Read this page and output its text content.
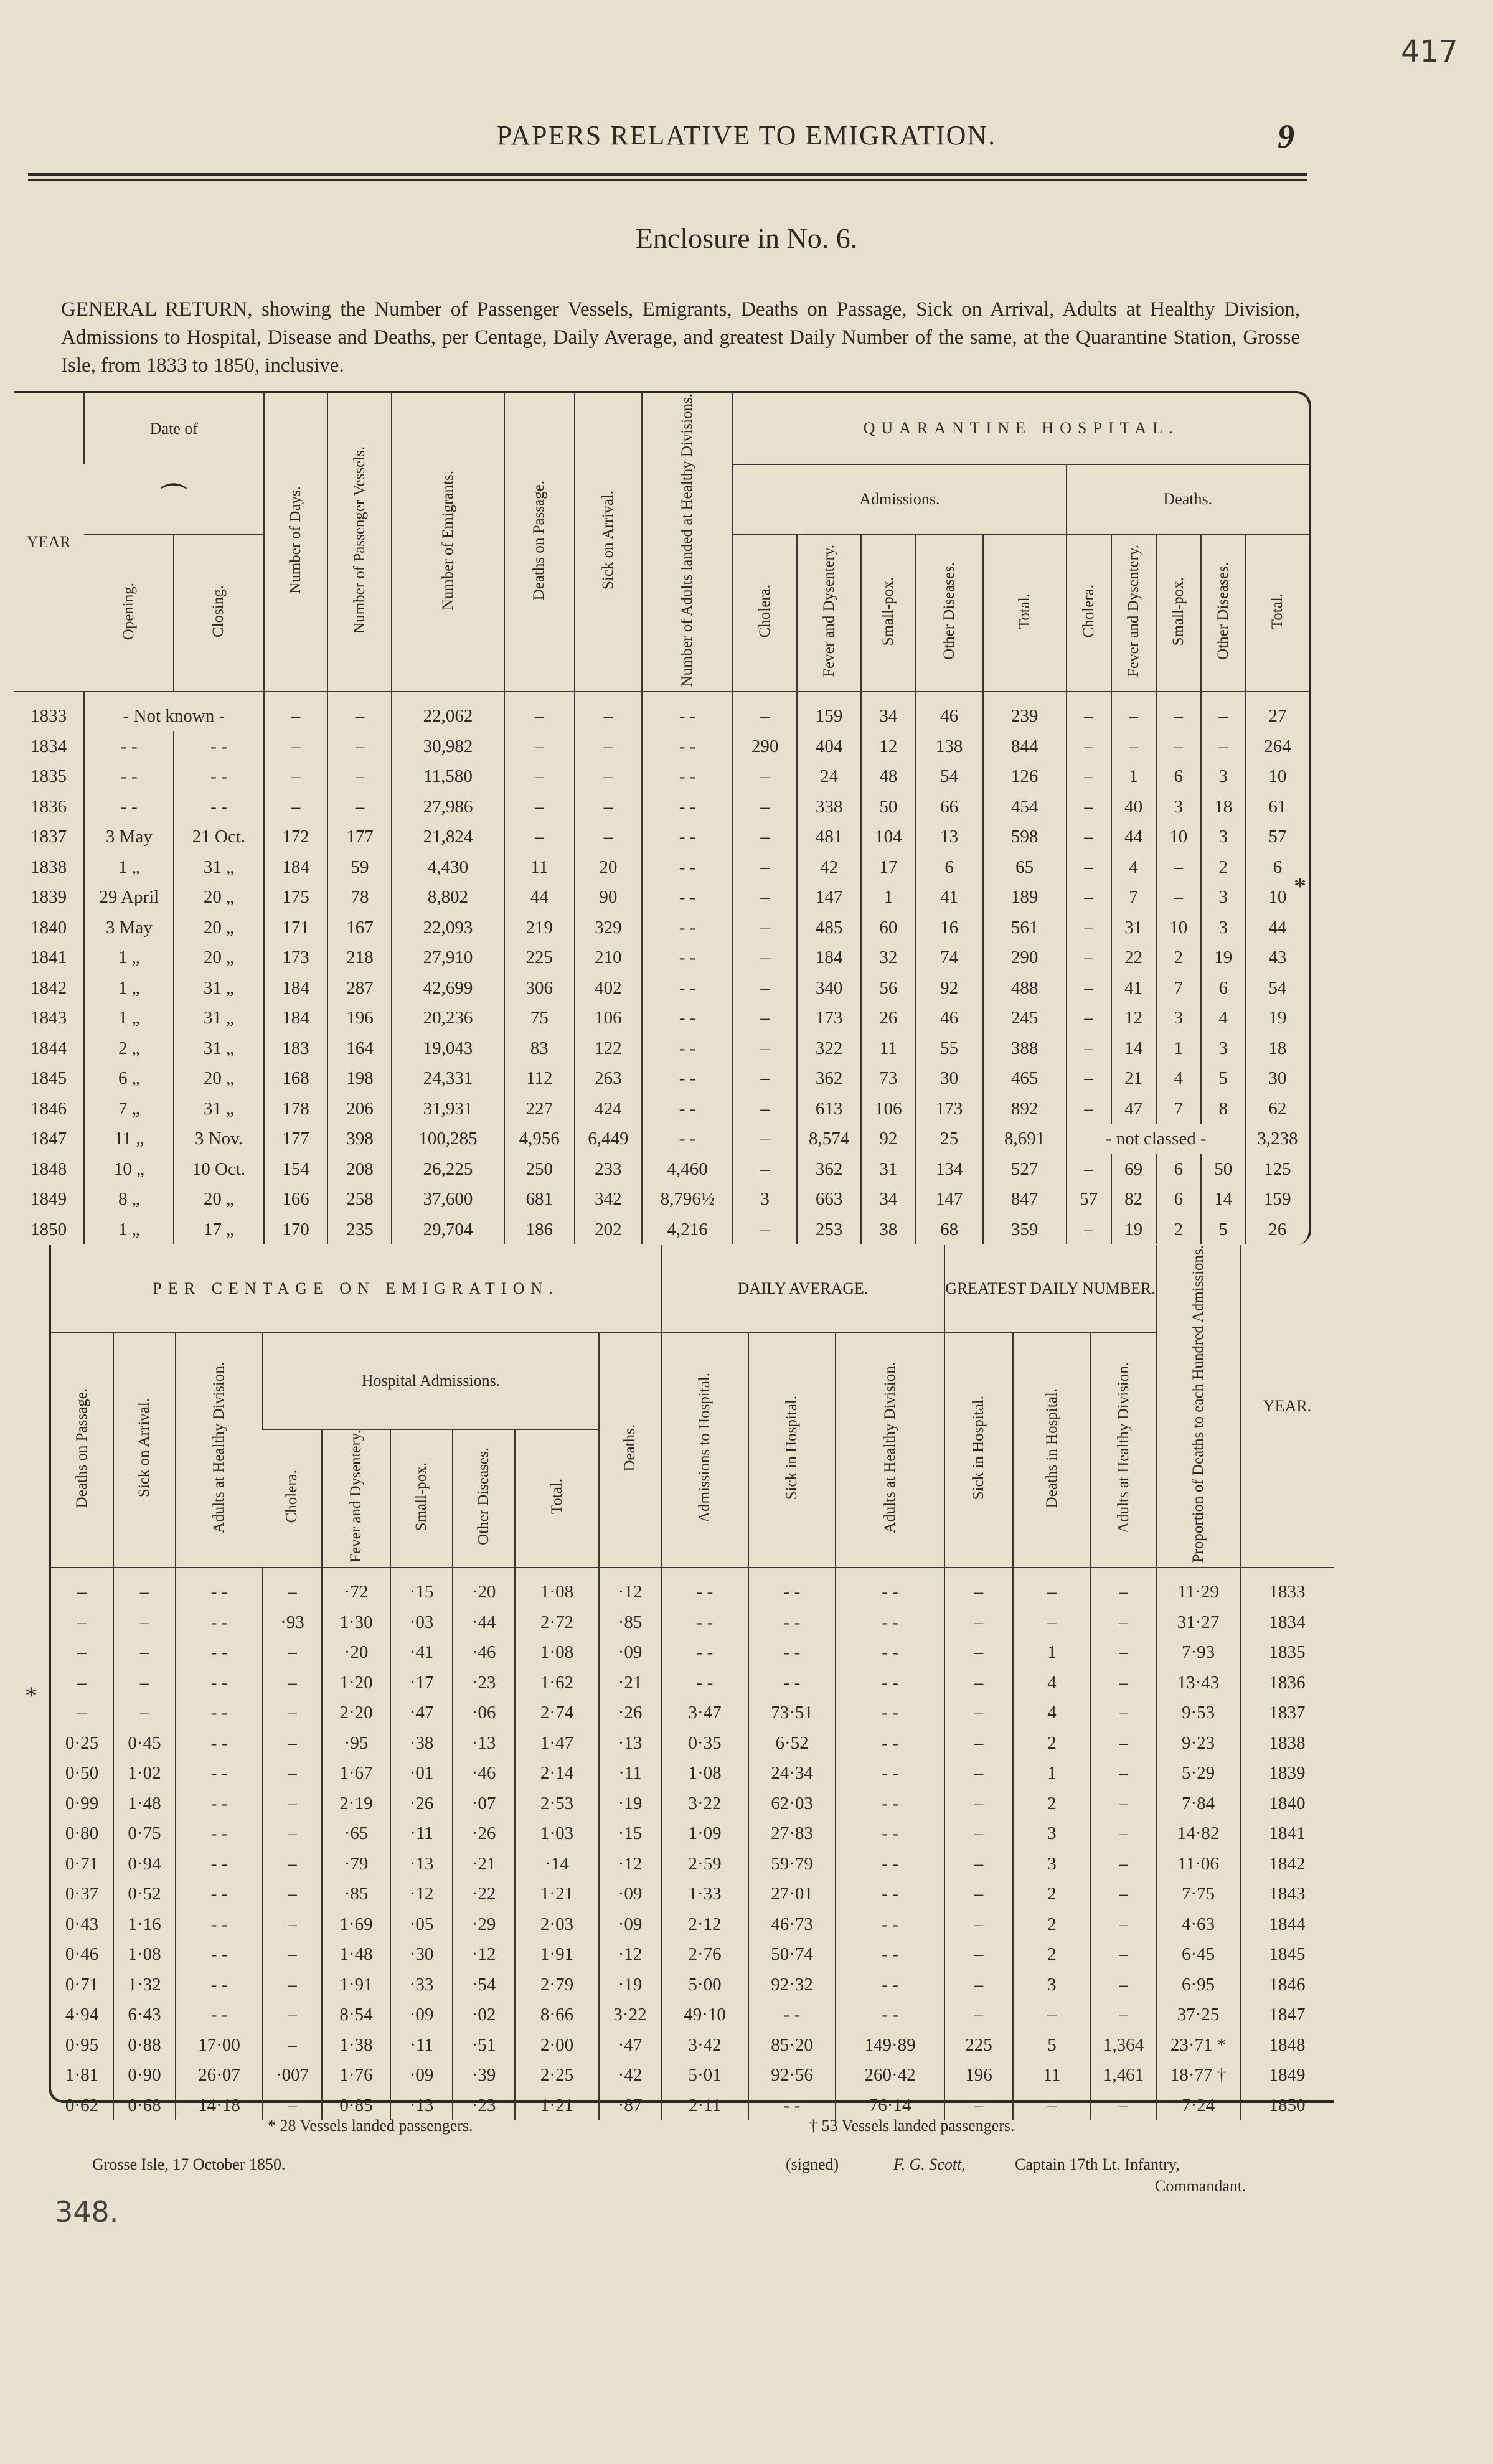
417
PAPERS RELATIVE TO EMIGRATION.	9
Enclosure in No. 6.
GENERAL RETURN, showing the Number of Passenger Vessels, Emigrants, Deaths on Passage, Sick on Arrival, Adults at Healthy Division, Admissions to Hospital, Disease and Deaths, per Centage, Daily Average, and greatest Daily Number of the same, at the Quarantine Station, Grosse Isle, from 1833 to 1850, inclusive.
YEAR	Date of		Number of Days.	Number of Passenger Vessels.	Number of Emigrants.	Deaths on Passage.	Sick on Arrival.	Number of Adults landed at Healthy Divisions.	QUARANTINE HOSPITAL.									
	⏜								Admissions.					Deaths.				
	Opening.	Closing.							Cholera.	Fever and Dysentery.	Small-pox.	Other Diseases.	Total.	Cholera.	Fever and Dysentery.	Small-pox.	Other Diseases.	Total.
1833	- Not known -		–	–	22,062	–	–	- -	–	159	34	46	239	–	–	–	–	27
1834	- -	- -	–	–	30,982	–	–	- -	290	404	12	138	844	–	–	–	–	264
1835	- -	- -	–	–	11,580	–	–	- -	–	24	48	54	126	–	1	6	3	10
1836	- -	- -	–	–	27,986	–	–	- -	–	338	50	66	454	–	40	3	18	61
1837	3 May	21 Oct.	172	177	21,824	–	–	- -	–	481	104	13	598	–	44	10	3	57
1838	1 „	31 „	184	59	4,430	11	20	- -	–	42	17	6	65	–	4	–	2	6
1839	29 April	20 „	175	78	8,802	44	90	- -	–	147	1	41	189	–	7	–	3	10
1840	3 May	20 „	171	167	22,093	219	329	- -	–	485	60	16	561	–	31	10	3	44
1841	1 „	20 „	173	218	27,910	225	210	- -	–	184	32	74	290	–	22	2	19	43
1842	1 „	31 „	184	287	42,699	306	402	- -	–	340	56	92	488	–	41	7	6	54
1843	1 „	31 „	184	196	20,236	75	106	- -	–	173	26	46	245	–	12	3	4	19
1844	2 „	31 „	183	164	19,043	83	122	- -	–	322	11	55	388	–	14	1	3	18
1845	6 „	20 „	168	198	24,331	112	263	- -	–	362	73	30	465	–	21	4	5	30
1846	7 „	31 „	178	206	31,931	227	424	- -	–	613	106	173	892	–	47	7	8	62
1847	11 „	3 Nov.	177	398	100,285	4,956	6,449	- -	–	8,574	92	25	8,691	- not classed -				3,238
1848	10 „	10 Oct.	154	208	26,225	250	233	4,460	–	362	31	134	527	–	69	6	50	125
1849	8 „	20 „	166	258	37,600	681	342	8,796½	3	663	34	147	847	57	82	6	14	159
1850	1 „	17 „	170	235	29,704	186	202	4,216	–	253	38	68	359	–	19	2	5	26
*
PER CENTAGE ON EMIGRATION.									DAILY AVERAGE.			GREATEST DAILY NUMBER.			Proportion of Deaths to each Hundred Admissions.	YEAR.
Deaths on Passage.	Sick on Arrival.	Adults at Healthy Division.	Hospital Admissions.					Deaths.	Admissions to Hospital.	Sick in Hospital.	Adults at Healthy Division.	Sick in Hospital.	Deaths in Hospital.	Adults at Healthy Division.		
			Cholera.	Fever and Dysentery.	Small-pox.	Other Diseases.	Total.									
–	–	- -	–	·72	·15	·20	1·08	·12	- -	- -	- -	–	–	–	11·29	1833
–	–	- -	·93	1·30	·03	·44	2·72	·85	- -	- -	- -	–	–	–	31·27	1834
–	–	- -	–	·20	·41	·46	1·08	·09	- -	- -	- -	–	1	–	7·93	1835
–	–	- -	–	1·20	·17	·23	1·62	·21	- -	- -	- -	–	4	–	13·43	1836
–	–	- -	–	2·20	·47	·06	2·74	·26	3·47	73·51	- -	–	4	–	9·53	1837
0·25	0·45	- -	–	·95	·38	·13	1·47	·13	0·35	6·52	- -	–	2	–	9·23	1838
0·50	1·02	- -	–	1·67	·01	·46	2·14	·11	1·08	24·34	- -	–	1	–	5·29	1839
0·99	1·48	- -	–	2·19	·26	·07	2·53	·19	3·22	62·03	- -	–	2	–	7·84	1840
0·80	0·75	- -	–	·65	·11	·26	1·03	·15	1·09	27·83	- -	–	3	–	14·82	1841
0·71	0·94	- -	–	·79	·13	·21	·14	·12	2·59	59·79	- -	–	3	–	11·06	1842
0·37	0·52	- -	–	·85	·12	·22	1·21	·09	1·33	27·01	- -	–	2	–	7·75	1843
0·43	1·16	- -	–	1·69	·05	·29	2·03	·09	2·12	46·73	- -	–	2	–	4·63	1844
0·46	1·08	- -	–	1·48	·30	·12	1·91	·12	2·76	50·74	- -	–	2	–	6·45	1845
0·71	1·32	- -	–	1·91	·33	·54	2·79	·19	5·00	92·32	- -	–	3	–	6·95	1846
4·94	6·43	- -	–	8·54	·09	·02	8·66	3·22	49·10	- -	- -	–	–	–	37·25	1847
0·95	0·88	17·00	–	1·38	·11	·51	2·00	·47	3·42	85·20	149·89	225	5	1,364	23·71 *	1848
1·81	0·90	26·07	·007	1·76	·09	·39	2·25	·42	5·01	92·56	260·42	196	11	1,461	18·77 †	1849
0·62	0·68	14·18	–	0·85	·13	·23	1·21	·87	2·11	- -	76·14	–	–	–	7·24	1850
*
* 28 Vessels landed passengers.	† 53 Vessels landed passengers.
Grosse Isle, 17 October 1850.	(signed)	F. G. Scott,	Captain 17th Lt. Infantry,
Commandant.
348.
